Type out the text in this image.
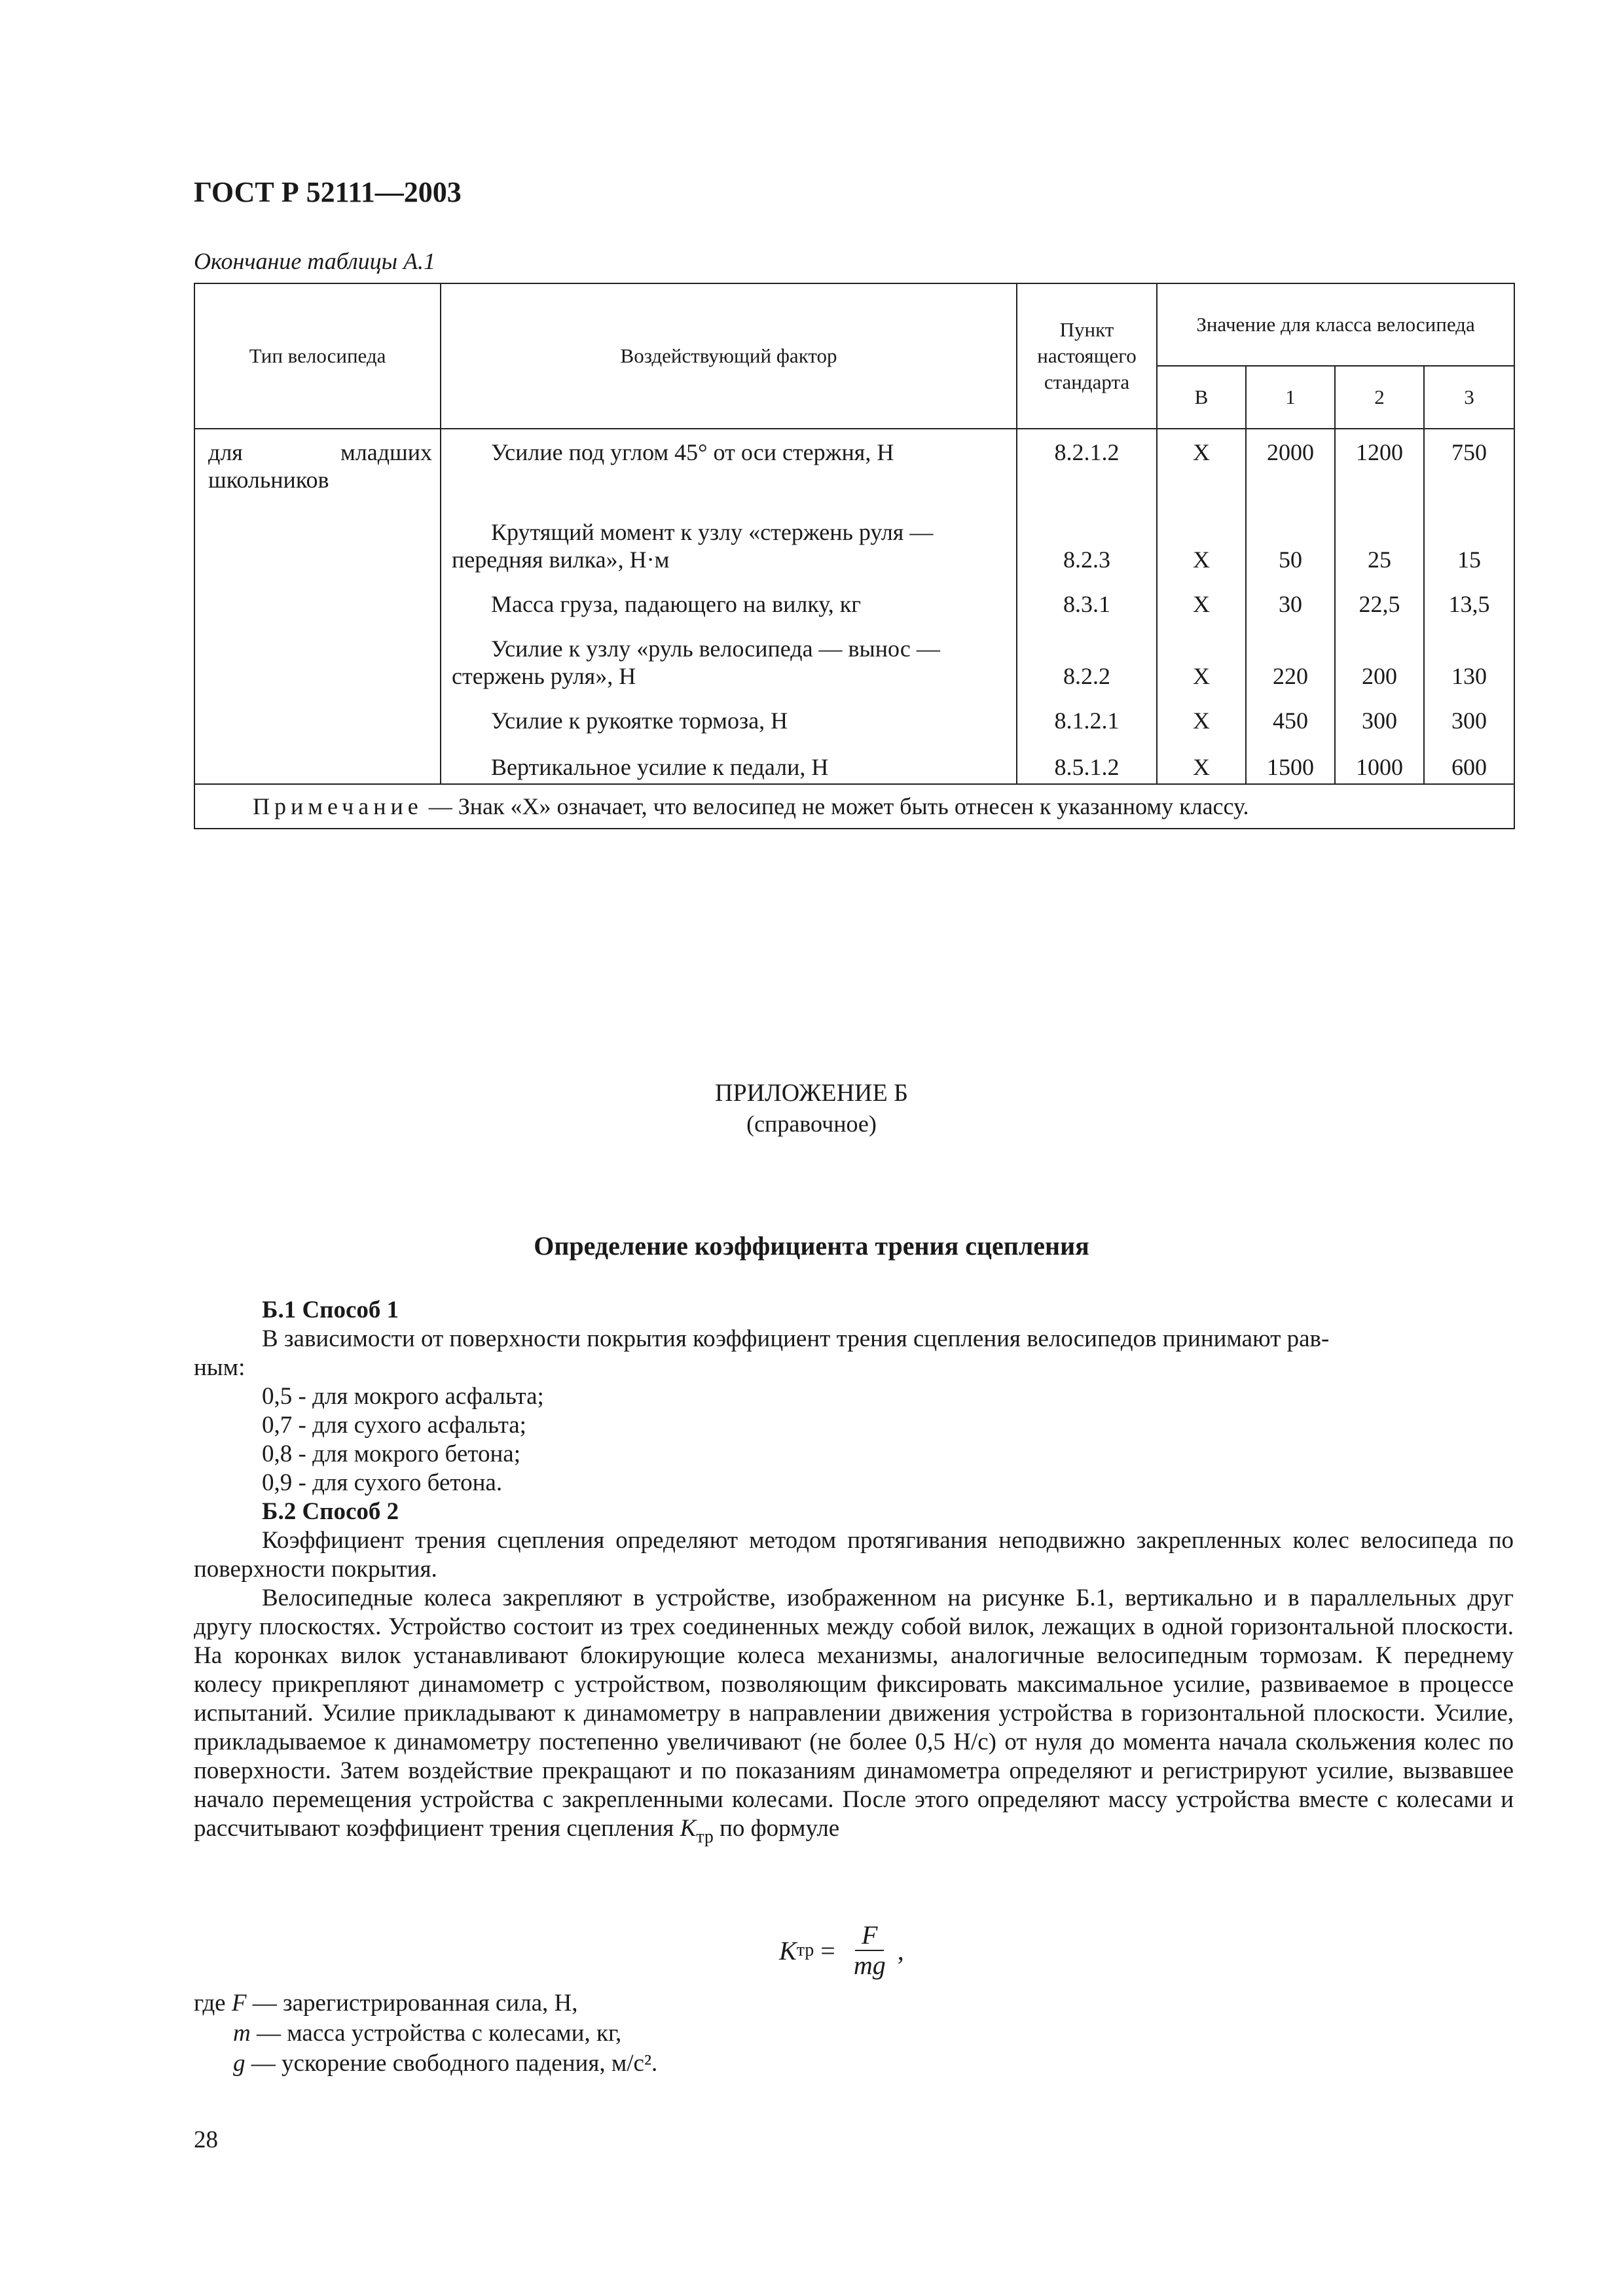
ГОСТ Р 52111—2003
Окончание таблицы А.1
Тип велосипеда	Воздействующий фактор	Пункт настоящего стандарта	Значение для класса велосипеда			
			В	1	2	3

для младших
школьников	Усилие под углом 45° от оси стержня, Н	8.2.1.2	X	2000	1200	750
	Крутящий момент к узлу «стержень руля —
передняя вилка», Н·м	8.2.3	X	50	25	15
	Масса груза, падающего на вилку, кг	8.3.1	X	30	22,5	13,5
	Усилие к узлу «руль велосипеда — вынос —
стержень руля», Н	8.2.2	X	220	200	130
	Усилие к рукоятке тормоза, Н	8.1.2.1	X	450	300	300
	Вертикальное усилие к педали, Н	8.5.1.2	X	1500	1000	600
Примечание — Знак «Х» означает, что велосипед не может быть отнесен к указанному классу.						
ПРИЛОЖЕНИЕ Б
(справочное)
Определение коэффициента трения сцепления
Б.1 Способ 1
В зависимости от поверхности покрытия коэффициент трения сцепления велосипедов принимают рав-
ным:
0,5 - для мокрого асфальта;
0,7 - для сухого асфальта;
0,8 - для мокрого бетона;
0,9 - для сухого бетона.
Б.2 Способ 2

Коэффициент трения сцепления определяют методом протягивания неподвижно закрепленных колес велосипеда по поверхности покрытия.

Велосипедные колеса закрепляют в устройстве, изображенном на рисунке Б.1, вертикально и в параллельных друг другу плоскостях. Устройство состоит из трех соединенных между собой вилок, лежащих в одной горизонтальной плоскости. На коронках вилок устанавливают блокирующие колеса механизмы, аналогичные велосипедным тормозам. К переднему колесу прикрепляют динамометр с устройством, позволяющим фиксировать максимальное усилие, развиваемое в процессе испытаний. Усилие прикладывают к динамометру в направлении движения устройства в горизонтальной плоскости. Усилие, прикладываемое к динамометру постепенно увеличивают (не более 0,5 Н/с) от нуля до момента начала скольжения колес по поверхности. Затем воздействие прекращают и по показаниям динамометра определяют и регистрируют усилие, вызвавшее начало перемещения устройства с закрепленными колесами. После этого определяют массу устройства вместе с колесами и рассчитывают коэффициент трения сцепления $K_{тр}$ по формуле

K тр = $\frac{F}{mg}$ ,
где F — зарегистрированная сила, Н,
m — масса устройства с колесами, кг,
g — ускорение свободного падения, м/с².
28
